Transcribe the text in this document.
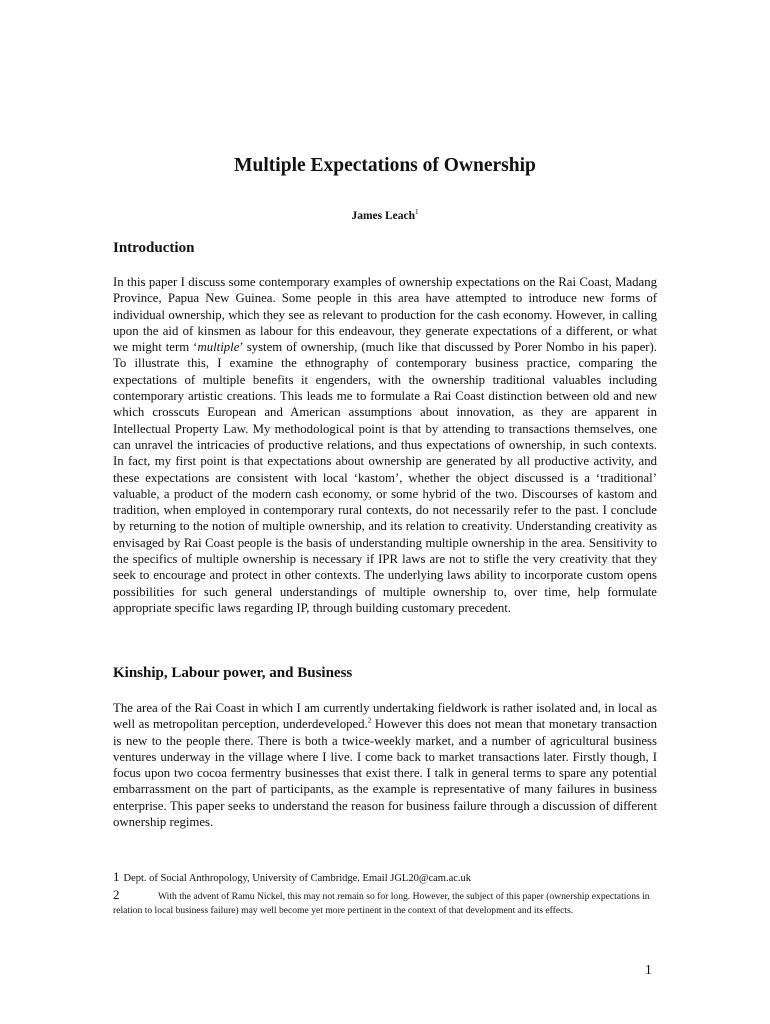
Multiple Expectations of Ownership
James Leach$^1$
Introduction

In this paper I discuss some contemporary examples of ownership expectations on the Rai Coast, Madang Province, Papua New Guinea. Some people in this area have attempted to introduce new forms of individual ownership, which they see as relevant to production for the cash economy. However, in calling upon the aid of kinsmen as labour for this endeavour, they generate expectations of a different, or what we might term ‘multiple’ system of ownership, (much like that discussed by Porer Nombo in his paper). To illustrate this, I examine the ethnography of contemporary business practice, comparing the expectations of multiple benefits it engenders, with the ownership traditional valuables including contemporary artistic creations. This leads me to formulate a Rai Coast distinction between old and new which crosscuts European and American assumptions about innovation, as they are apparent in Intellectual Property Law. My methodological point is that by attending to transactions themselves, one can unravel the intricacies of productive relations, and thus expectations of ownership, in such contexts. In fact, my first point is that expectations about ownership are generated by all productive activity, and these expectations are consistent with local ‘kastom’, whether the object discussed is a ‘traditional’ valuable, a product of the modern cash economy, or some hybrid of the two. Discourses of kastom and tradition, when employed in contemporary rural contexts, do not necessarily refer to the past. I conclude by returning to the notion of multiple ownership, and its relation to creativity. Understanding creativity as envisaged by Rai Coast people is the basis of understanding multiple ownership in the area. Sensitivity to the specifics of multiple ownership is necessary if IPR laws are not to stifle the very creativity that they seek to encourage and protect in other contexts. The underlying laws ability to incorporate custom opens possibilities for such general understandings of multiple ownership to, over time, help formulate appropriate specific laws regarding IP, through building customary precedent.

Kinship, Labour power, and Business

The area of the Rai Coast in which I am currently undertaking fieldwork is rather isolated and, in local as well as metropolitan perception, underdeveloped.$^2$ However this does not mean that monetary transaction is new to the people there. There is both a twice-weekly market, and a number of agricultural business ventures underway in the village where I live. I come back to market transactions later. Firstly though, I focus upon two cocoa fermentry businesses that exist there. I talk in general terms to spare any potential embarrassment on the part of participants, as the example is representative of many failures in business enterprise. This paper seeks to understand the reason for business failure through a discussion of different ownership regimes.

1 Dept. of Social Anthropology, University of Cambridge. Email JGL20@cam.ac.uk

2	With the advent of Ramu Nickel, this may not remain so for long. However, the subject of this paper (ownership expectations in relation to local business failure) may well become yet more pertinent in the context of that development and its effects.

1
